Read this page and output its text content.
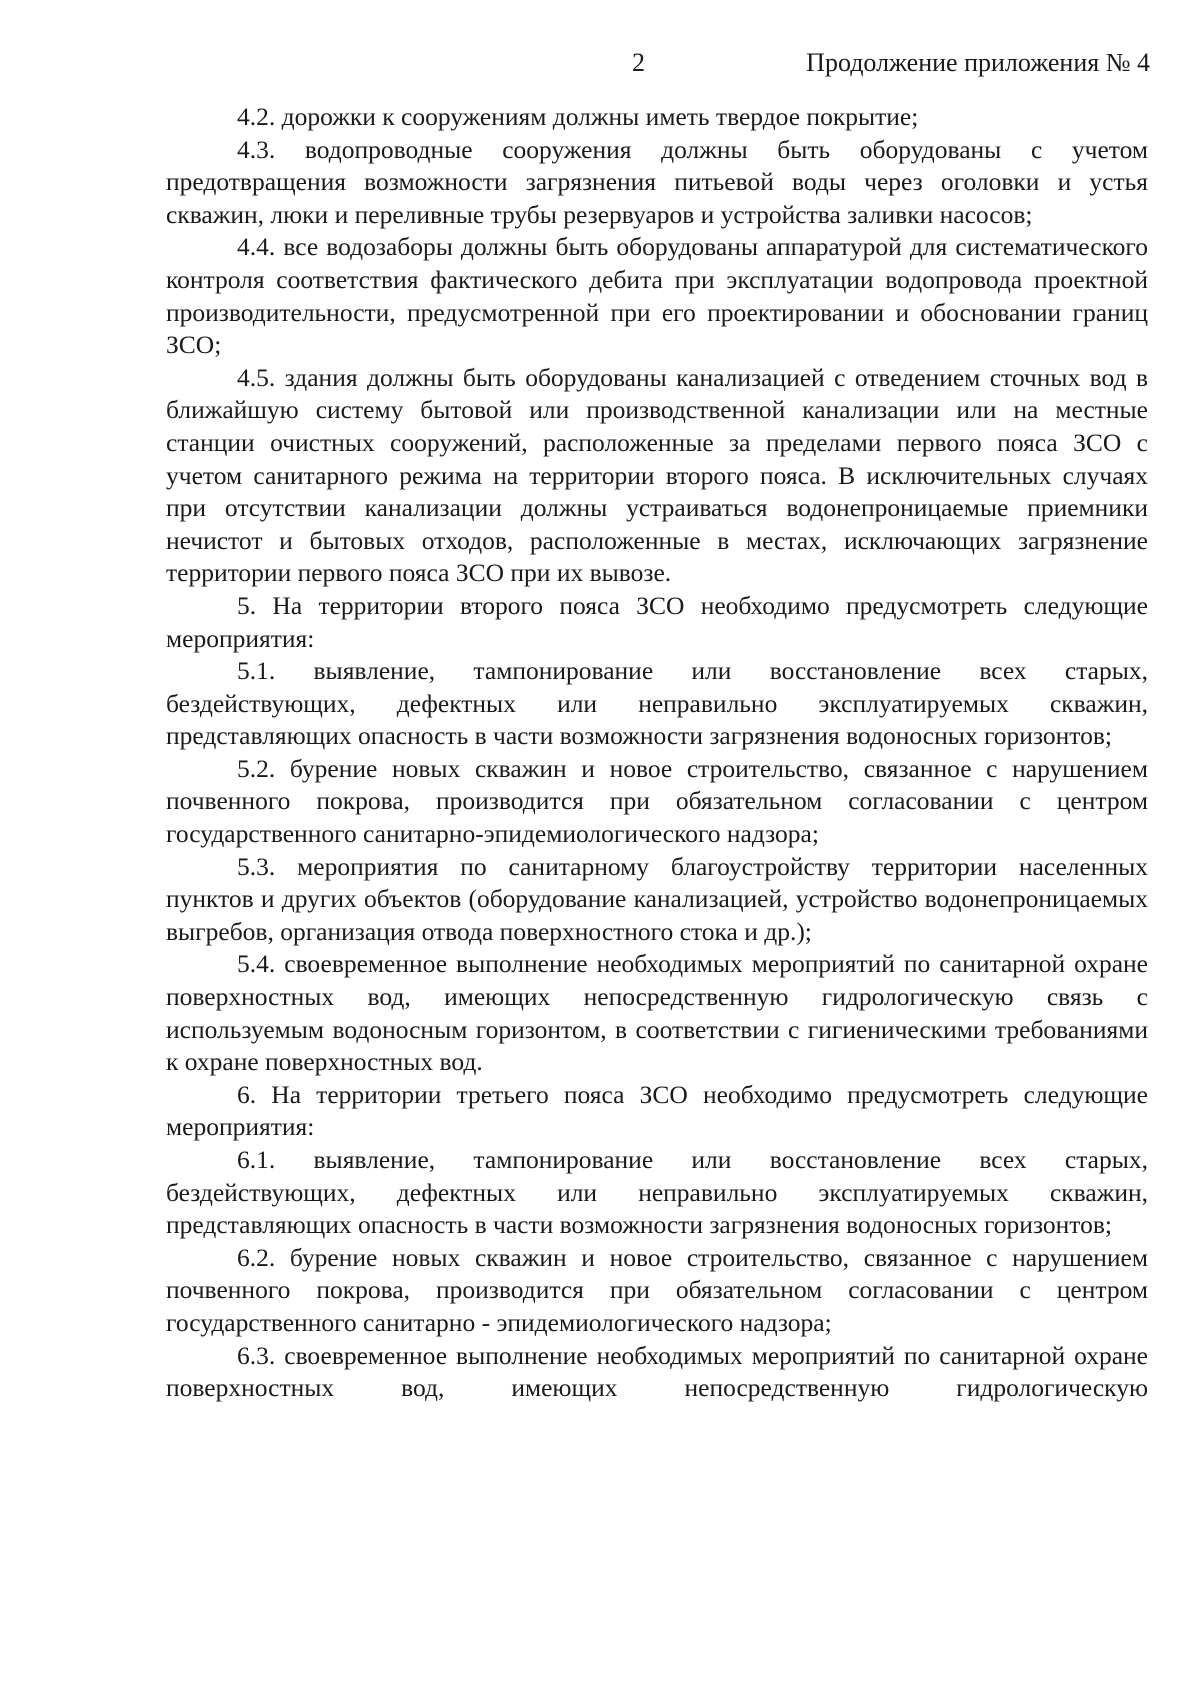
2	Продолжение приложения № 4

4.2. дорожки к сооружениям должны иметь твердое покрытие;

4.3. водопроводные сооружения должны быть оборудованы с учетом предотвращения возможности загрязнения питьевой воды через оголовки и устья скважин, люки и переливные трубы резервуаров и устройства заливки насосов;

4.4. все водозаборы должны быть оборудованы аппаратурой для систематического контроля соответствия фактического дебита при эксплуатации водопровода проектной производительности, предусмотренной при его проектировании и обосновании границ ЗСО;

4.5. здания должны быть оборудованы канализацией с отведением сточных вод в ближайшую систему бытовой или производственной канализации или на местные станции очистных сооружений, расположенные за пределами первого пояса ЗСО с учетом санитарного режима на территории второго пояса. В исключительных случаях при отсутствии канализации должны устраиваться водонепроницаемые приемники нечистот и бытовых отходов, расположенные в местах, исключающих загрязнение территории первого пояса ЗСО при их вывозе.

5. На территории второго пояса ЗСО необходимо предусмотреть следующие мероприятия:

5.1. выявление, тампонирование или восстановление всех старых, бездействующих, дефектных или неправильно эксплуатируемых скважин, представляющих опасность в части возможности загрязнения водоносных горизонтов;

5.2. бурение новых скважин и новое строительство, связанное с нарушением почвенного покрова, производится при обязательном согласовании с центром государственного санитарно-эпидемиологического надзора;

5.3. мероприятия по санитарному благоустройству территории населенных пунктов и других объектов (оборудование канализацией, устройство водонепроницаемых выгребов, организация отвода поверхностного стока и др.);

5.4. своевременное выполнение необходимых мероприятий по санитарной охране поверхностных вод, имеющих непосредственную гидрологическую связь с используемым водоносным горизонтом, в соответствии с гигиеническими требованиями к охране поверхностных вод.

6. На территории третьего пояса ЗСО необходимо предусмотреть следующие мероприятия:

6.1. выявление, тампонирование или восстановление всех старых, бездействующих, дефектных или неправильно эксплуатируемых скважин, представляющих опасность в части возможности загрязнения водоносных горизонтов;

6.2. бурение новых скважин и новое строительство, связанное с нарушением почвенного покрова, производится при обязательном согласовании с центром государственного санитарно - эпидемиологического надзора;

6.3. своевременное выполнение необходимых мероприятий по санитарной охране поверхностных вод, имеющих непосредственную гидрологическую
